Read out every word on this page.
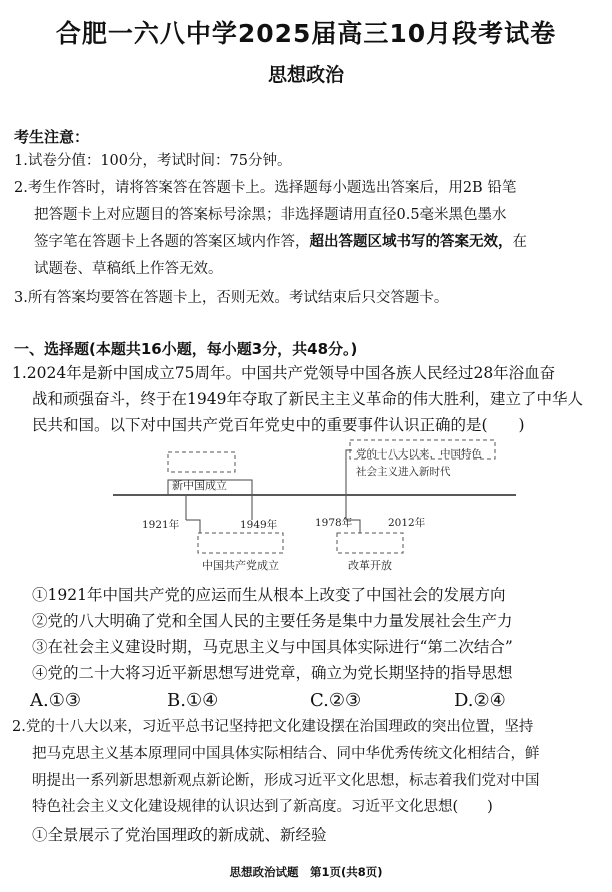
合肥一六八中学2025届高三10月段考试卷
思想政治
考生注意：
1.试卷分值：100分，考试时间：75分钟。
2.考生作答时，请将答案答在答题卡上。选择题每小题选出答案后，用2B 铅笔
把答题卡上对应题目的答案标号涂黑；非选择题请用直径0.5毫米黑色墨水
签字笔在答题卡上各题的答案区域内作答，超出答题区域书写的答案无效，在
试题卷、草稿纸上作答无效。
3.所有答案均要答在答题卡上，否则无效。考试结束后只交答题卡。
一、选择题(本题共16小题，每小题3分，共48分。)
1.2024年是新中国成立75周年。中国共产党领导中国各族人民经过28年浴血奋
战和顽强奋斗，终于在1949年夺取了新民主主义革命的伟大胜利，建立了中华人
民共和国。以下对中国共产党百年党史中的重要事件认识正确的是(　　)
新中国成立
党的十八大以来，中国特色
社会主义进入新时代
1921年	1949年	1978年	2012年
中国共产党成立	改革开放
①1921年中国共产党的应运而生从根本上改变了中国社会的发展方向
②党的八大明确了党和全国人民的主要任务是集中力量发展社会生产力
③在社会主义建设时期，马克思主义与中国具体实际进行“第二次结合”
④党的二十大将习近平新思想写进党章，确立为党长期坚持的指导思想
A.①③	B.①④	C.②③	D.②④
2.党的十八大以来，习近平总书记坚持把文化建设摆在治国理政的突出位置，坚持
把马克思主义基本原理同中国具体实际相结合、同中华优秀传统文化相结合，鲜
明提出一系列新思想新观点新论断，形成习近平文化思想，标志着我们党对中国
特色社会主义文化建设规律的认识达到了新高度。习近平文化思想(　　)
①全景展示了党治国理政的新成就、新经验
思想政治试题　第1页(共8页)
